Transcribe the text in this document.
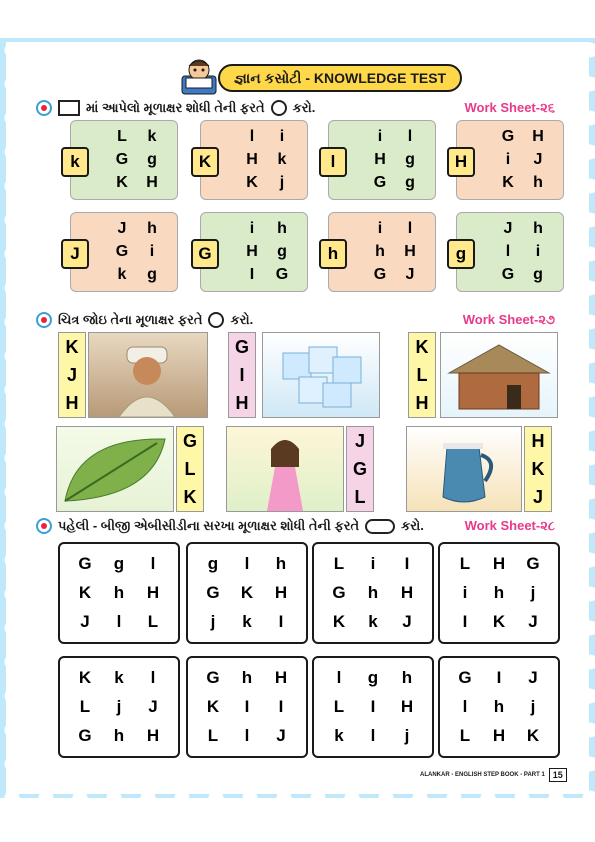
જ્ઞાન કસોટી - KNOWLEDGE TEST
માં આપેલો મૂળાક્ષર શોધી તેની ફરતે કરો.	Work Sheet-૨૬
k
L	k
G	g
K	H
K
l	i
H	k
K	j
l
i	l
H	g
G	g
H
G	H
i	J
K	h
J
J	h
G	i
k	g
G
i	h
H	g
I	G
h
i	l
h	H
G	J
g
J	h
l	i
G	g
ચિત્ર જોઇ તેના મૂળાક્ષર ફરતે કરો.	Work Sheet-૨૭
K
J
H
G
I
H
K
L
H
G
L
K
J
G
L
H
K
J
પહેલી - બીજી એબીસીડીના સરખા મૂળાક્ષર શોધી તેની ફરતે	કરો.	Work Sheet-૨૮
G	g	l
K	h	H
J	l	L
g	l	h
G	K	H
j	k	I
L	i	I
G	h	H
K	k	J
L	H	G
i	h	j
I	K	J
K	k	l
L	j	J
G	h	H
G	h	H
K	I	I
L	l	J
l	g	h
L	I	H
k	l	j
G	I	J
l	h	j
L	H	K
ALANKAR - ENGLISH STEP BOOK - PART 1 15
